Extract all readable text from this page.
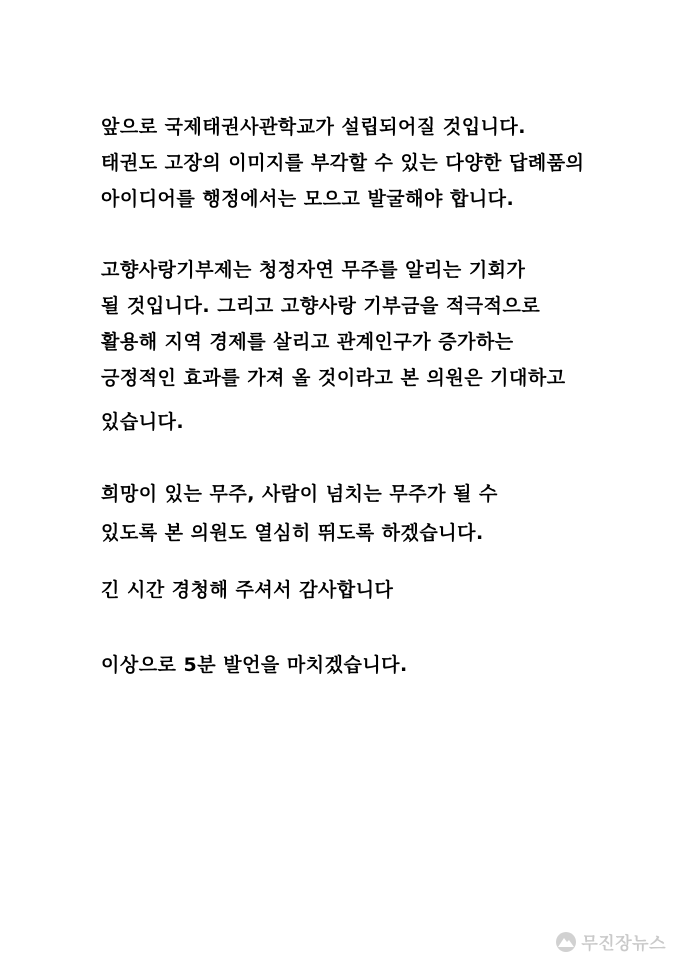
앞으로 국제태권사관학교가 설립되어질 것입니다.
태권도 고장의 이미지를 부각할 수 있는 다양한 답례품의
아이디어를 행정에서는 모으고 발굴해야 합니다.
고향사랑기부제는 청정자연 무주를 알리는 기회가
될 것입니다. 그리고 고향사랑 기부금을 적극적으로
활용해 지역 경제를 살리고 관계인구가 증가하는
긍정적인 효과를 가져 올 것이라고 본 의원은 기대하고
있습니다.
희망이 있는 무주, 사람이 넘치는 무주가 될 수
있도록 본 의원도 열심히 뛰도록 하겠습니다.
긴 시간 경청해 주셔서 감사합니다
이상으로 5분 발언을 마치겠습니다.
무진장뉴스
